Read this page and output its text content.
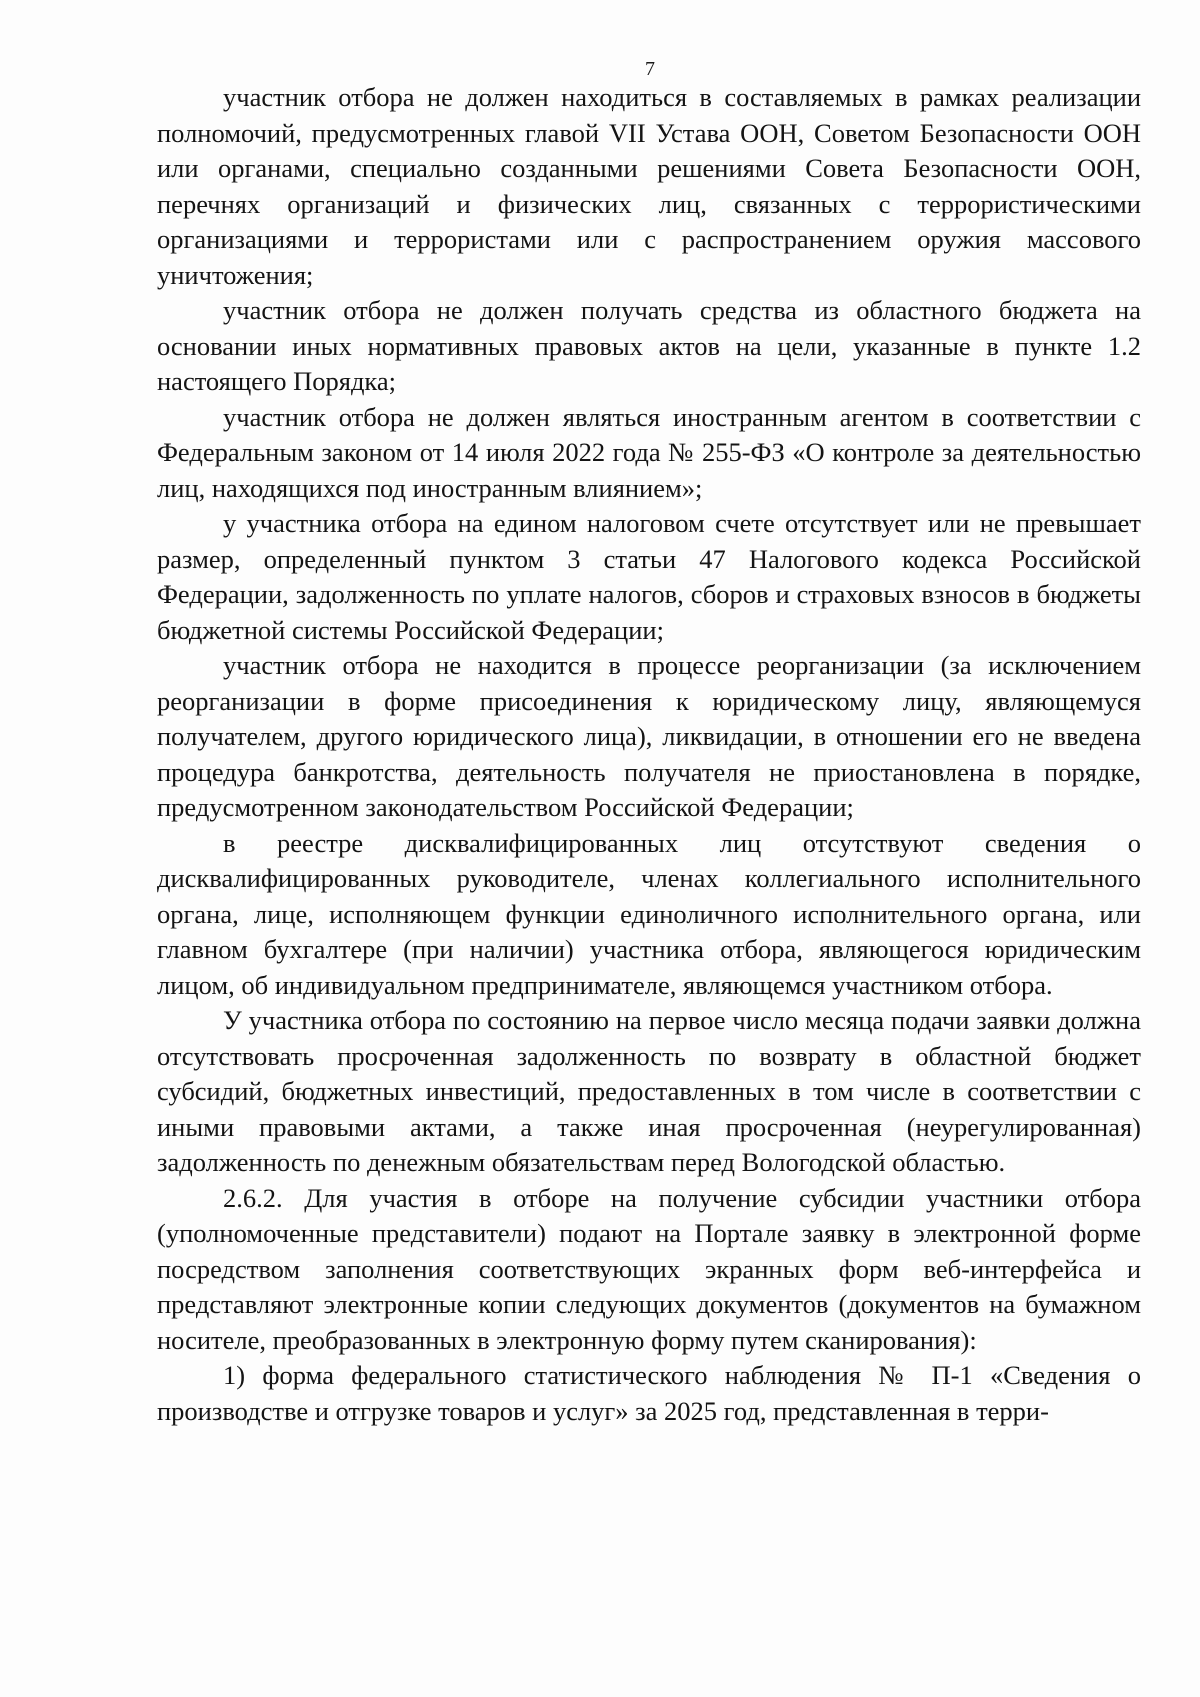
7

участник отбора не должен находиться в составляемых в рамках реализации полномочий, предусмотренных главой VII Устава ООН, Советом Безопасности ООН или органами, специально созданными решениями Совета Безопасности ООН, перечнях организаций и физических лиц, связанных с террористическими организациями и террористами или с распространением оружия массового уничтожения;

участник отбора не должен получать средства из областного бюджета на основании иных нормативных правовых актов на цели, указанные в пункте 1.2 настоящего Порядка;

участник отбора не должен являться иностранным агентом в соответствии с Федеральным законом от 14 июля 2022 года № 255-ФЗ «О контроле за деятельностью лиц, находящихся под иностранным влиянием»;

у участника отбора на едином налоговом счете отсутствует или не превышает размер, определенный пунктом 3 статьи 47 Налогового кодекса Российской Федерации, задолженность по уплате налогов, сборов и страховых взносов в бюджеты бюджетной системы Российской Федерации;

участник отбора не находится в процессе реорганизации (за исключением реорганизации в форме присоединения к юридическому лицу, являющемуся получателем, другого юридического лица), ликвидации, в отношении его не введена процедура банкротства, деятельность получателя не приостановлена в порядке, предусмотренном законодательством Российской Федерации;

в реестре дисквалифицированных лиц отсутствуют сведения о дисквалифицированных руководителе, членах коллегиального исполнительного органа, лице, исполняющем функции единоличного исполнительного органа, или главном бухгалтере (при наличии) участника отбора, являющегося юридическим лицом, об индивидуальном предпринимателе, являющемся участником отбора.

У участника отбора по состоянию на первое число месяца подачи заявки должна отсутствовать просроченная задолженность по возврату в областной бюджет субсидий, бюджетных инвестиций, предоставленных в том числе в соответствии с иными правовыми актами, а также иная просроченная (неурегулированная) задолженность по денежным обязательствам перед Вологодской областью.

2.6.2. Для участия в отборе на получение субсидии участники отбора (уполномоченные представители) подают на Портале заявку в электронной форме посредством заполнения соответствующих экранных форм веб-интерфейса и представляют электронные копии следующих документов (документов на бумажном носителе, преобразованных в электронную форму путем сканирования):

1) форма федерального статистического наблюдения № П-1 «Сведения о производстве и отгрузке товаров и услуг» за 2025 год, представленная в терри-
